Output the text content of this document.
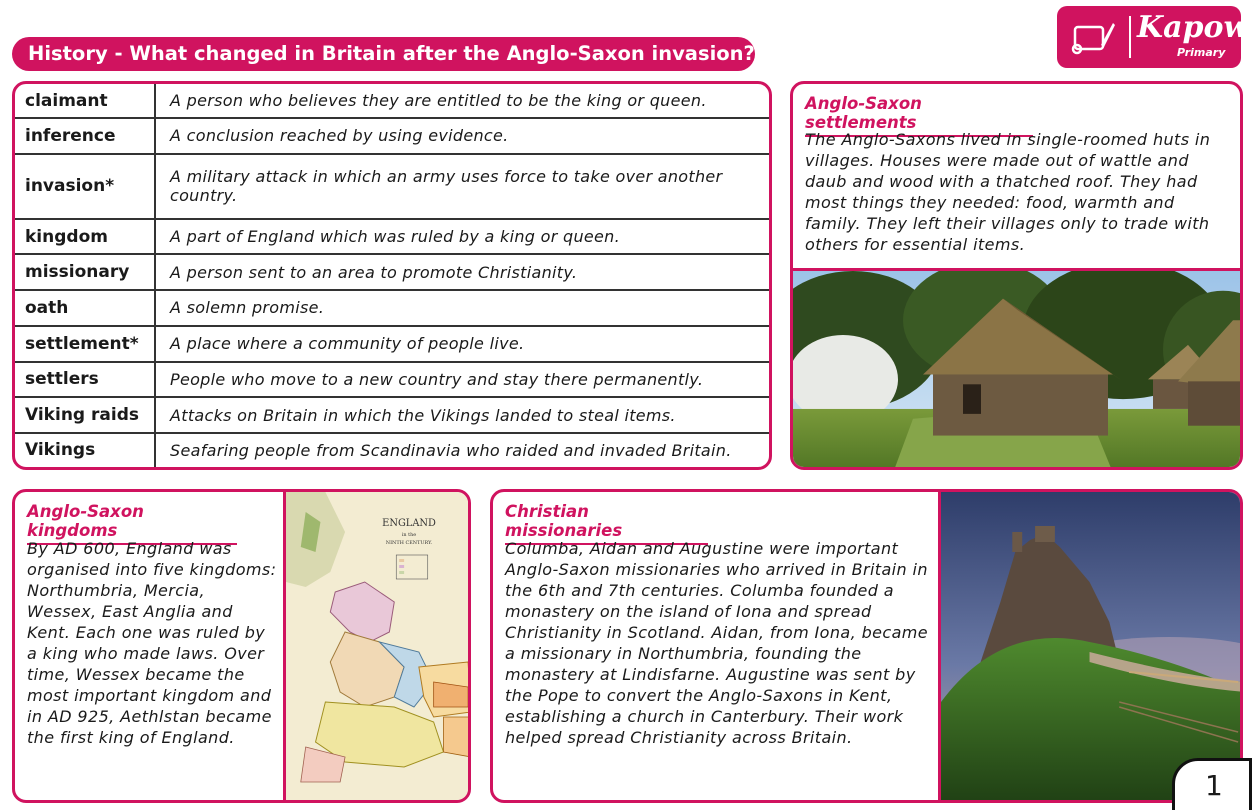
History - What changed in Britain after the Anglo-Saxon invasion?
Kapow
Primary
claimant	A person who believes they are entitled to be the king or queen.
inference	A conclusion reached by using evidence.
invasion*	A military attack in which an army uses force to take over another country.
kingdom	A part of England which was ruled by a king or queen.
missionary	A person sent to an area to promote Christianity.
oath	A solemn promise.
settlement*	A place where a community of people live.
settlers	People who move to a new country and stay there permanently.
Viking raids	Attacks on Britain in which the Vikings landed to steal items.
Vikings	Seafaring people from Scandinavia who raided and invaded Britain.
Anglo-Saxon settlements
The Anglo-Saxons lived in single-roomed huts in villages. Houses were made out of wattle and daub and wood with a thatched roof. They had most things they needed: food, warmth and family. They left their villages only to trade with others for essential items.
Anglo-Saxon kingdoms
By AD 600, England was organised into five kingdoms: Northumbria, Mercia, Wessex, East Anglia and Kent. Each one was ruled by a king who made laws. Over time, Wessex became the most important kingdom and in AD 925, Aethlstan became the first king of England.
ENGLAND
in the
NINTH CENTURY.
Christian missionaries
Columba, Aidan and Augustine were important Anglo-Saxon missionaries who arrived in Britain in the 6th and 7th centuries. Columba founded a monastery on the island of Iona and spread Christianity in Scotland. Aidan, from Iona, became a missionary in Northumbria, founding the monastery at Lindisfarne. Augustine was sent by the Pope to convert the Anglo-Saxons in Kent, establishing a church in Canterbury. Their work helped spread Christianity across Britain.
1
